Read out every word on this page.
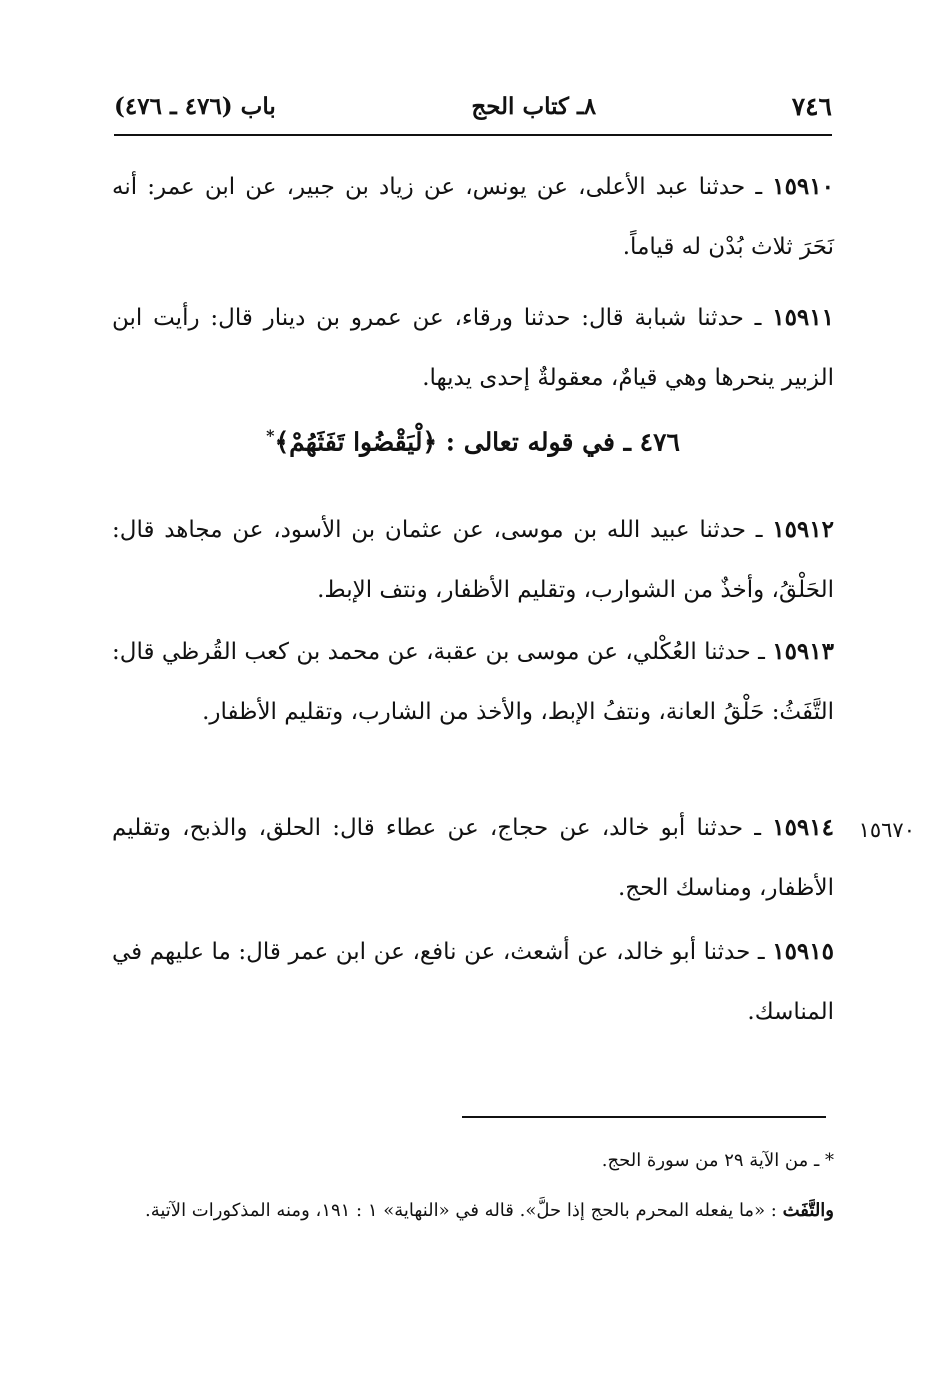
٧٤٦
٨ـ كتاب الحج
باب (٤٧٦ ـ ٤٧٦)
١٥٩١٠ ـ حدثنا عبد الأعلى، عن يونس، عن زياد بن جبير، عن ابن عمر: أنه نَحَرَ ثلاث بُدْن له قياماً.
١٥٩١١ ـ حدثنا شبابة قال: حدثنا ورقاء، عن عمرو بن دينار قال: رأيت ابن الزبير ينحرها وهي قيامٌ، معقولةٌ إحدى يديها.
٤٧٦ ـ في قوله تعالى : ﴿لْيَقْضُوا تَفَثَهُمْ﴾*
١٥٩١٢ ـ حدثنا عبيد الله بن موسى، عن عثمان بن الأسود، عن مجاهد قال: الحَلْقُ، وأخذٌ من الشوارب، وتقليم الأظفار، ونتف الإبط.
١٥٩١٣ ـ حدثنا العُكْلي، عن موسى بن عقبة، عن محمد بن كعب القُرظي قال: التَّفَثُ: حَلْقُ العانة، ونتفُ الإبط، والأخذ من الشارب، وتقليم الأظفار.
١٥٦٧٠
١٥٩١٤ ـ حدثنا أبو خالد، عن حجاج، عن عطاء قال: الحلق، والذبح، وتقليم الأظفار، ومناسك الحج.
١٥٩١٥ ـ حدثنا أبو خالد، عن أشعث، عن نافع، عن ابن عمر قال: ما عليهم في المناسك.
* ـ من الآية ٢٩ من سورة الحج.
والتَّفَث : «ما يفعله المحرم بالحج إذا حلَّ». قاله في «النهاية» ١ : ١٩١، ومنه المذكورات الآتية.
